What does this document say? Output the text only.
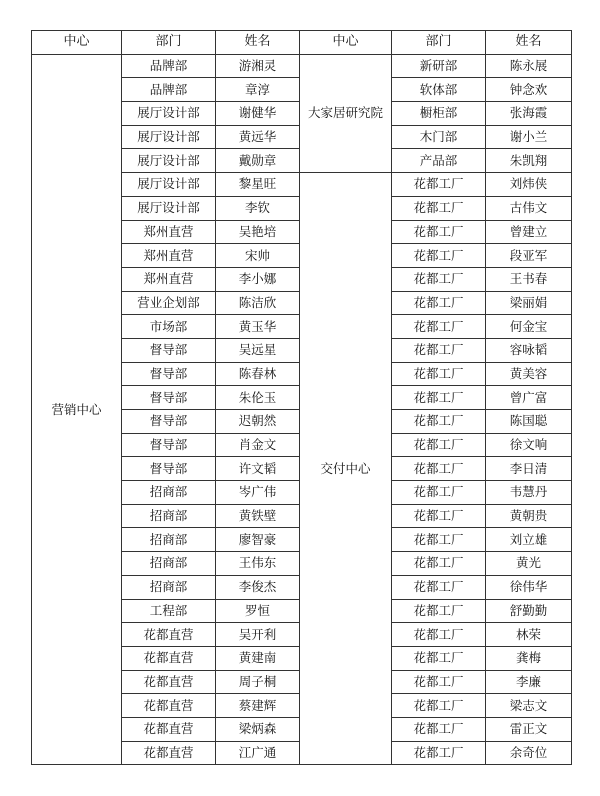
中心	部门	姓名	中心	部门	姓名
营销中心	品牌部	游湘灵	大家居研究院	新研部	陈永展
	品牌部	章淳		软体部	钟念欢
	展厅设计部	谢健华		橱柜部	张海霞
	展厅设计部	黄远华		木门部	谢小兰
	展厅设计部	戴勋章		产品部	朱凯翔
	展厅设计部	黎星旺	交付中心	花都工厂	刘炜侠
	展厅设计部	李钦		花都工厂	古伟文
	郑州直营	吴艳培		花都工厂	曾建立
	郑州直营	宋帅		花都工厂	段亚军
	郑州直营	李小娜		花都工厂	王书春
	营业企划部	陈洁欣		花都工厂	梁丽娟
	市场部	黄玉华		花都工厂	何金宝
	督导部	吴远星		花都工厂	容咏韬
	督导部	陈春林		花都工厂	黄美容
	督导部	朱伦玉		花都工厂	曾广富
	督导部	迟朝然		花都工厂	陈国聪
	督导部	肖金文		花都工厂	徐文响
	督导部	许文韬		花都工厂	李日清
	招商部	岑广伟		花都工厂	韦慧丹
	招商部	黄铁壁		花都工厂	黄朝贵
	招商部	廖智豪		花都工厂	刘立雄
	招商部	王伟东		花都工厂	黄光
	招商部	李俊杰		花都工厂	徐伟华
	工程部	罗恒		花都工厂	舒勤勤
	花都直营	吴开利		花都工厂	林荣
	花都直营	黄建南		花都工厂	龚梅
	花都直营	周子桐		花都工厂	李廉
	花都直营	蔡建辉		花都工厂	梁志文
	花都直营	梁炳森		花都工厂	雷正文
	花都直营	江广通		花都工厂	余奇位
